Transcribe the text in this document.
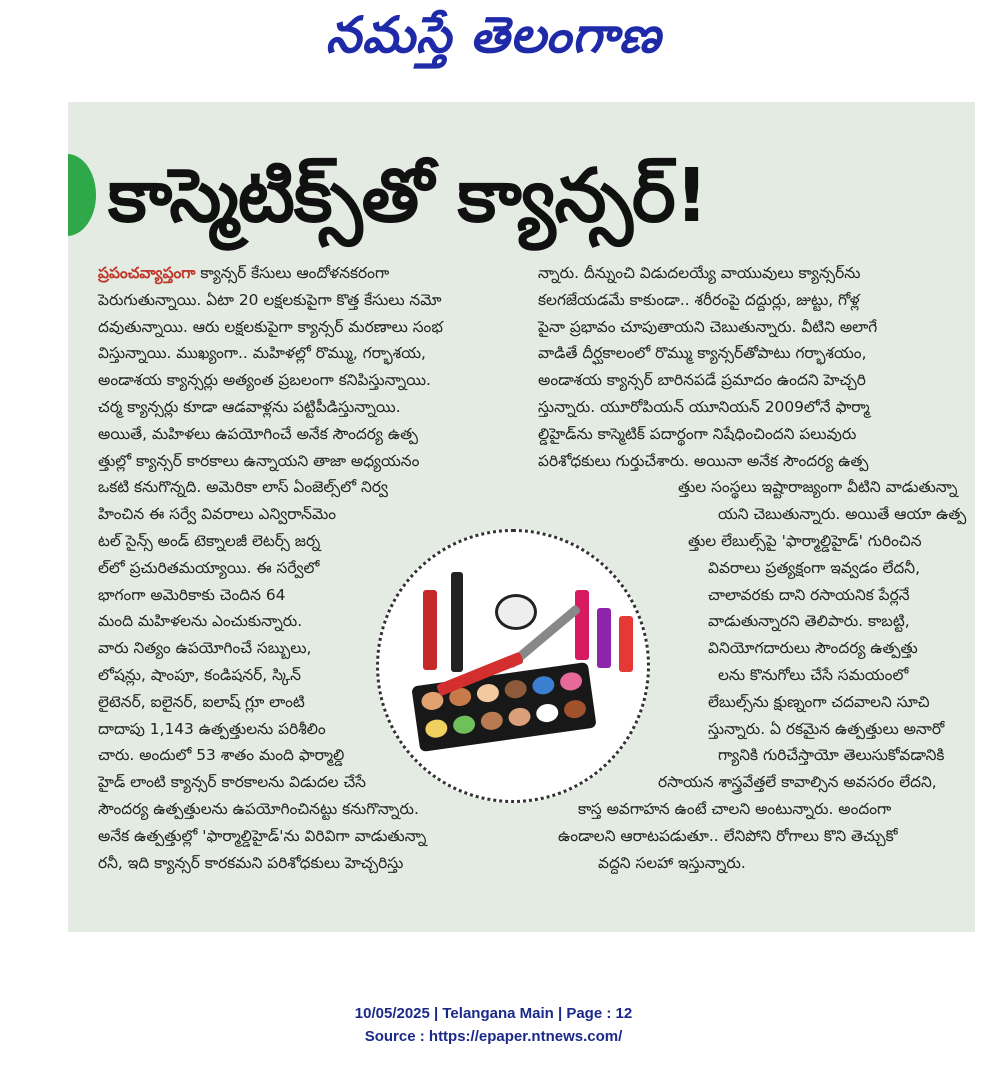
నమస్తే తెలంగాణ
కాస్మెటిక్స్‌తో క్యాన్సర్!

ప్రపంచవ్యాప్తంగా క్యాన్సర్ కేసులు ఆందోళనకరంగా

పెరుగుతున్నాయి. ఏటా 20 లక్షలకుపైగా కొత్త కేసులు నమో

దవుతున్నాయి. ఆరు లక్షలకుపైగా క్యాన్సర్ మరణాలు సంభ

విస్తున్నాయి. ముఖ్యంగా.. మహిళల్లో రొమ్ము, గర్భాశయ,

అండాశయ క్యాన్సర్లు అత్యంత ప్రబలంగా కనిపిస్తున్నాయి.

చర్మ క్యాన్సర్లు కూడా ఆడవాళ్లను పట్టిపీడిస్తున్నాయి.

అయితే, మహిళలు ఉపయోగించే అనేక సౌందర్య ఉత్ప

త్తుల్లో క్యాన్సర్ కారకాలు ఉన్నాయని తాజా అధ్యయనం

ఒకటి కనుగొన్నది. అమెరికా లాస్ ఏంజెల్స్‌లో నిర్వ

హించిన ఈ సర్వే వివరాలు ఎన్విరాన్‌మెం

టల్ సైన్స్ అండ్ టెక్నాలజీ లెటర్స్ జర్న

ల్‌లో ప్రచురితమయ్యాయి. ఈ సర్వేలో

భాగంగా అమెరికాకు చెందిన 64

మంది మహిళలను ఎంచుకున్నారు.

వారు నిత్యం ఉపయోగించే సబ్బులు,

లోషన్లు, షాంపూ, కండిషనర్, స్కిన్

లైటెనర్, ఐలైనర్, ఐలాష్ గ్లూ లాంటి

దాదాపు 1,143 ఉత్పత్తులను పరిశీలిం

చారు. అందులో 53 శాతం మంది ఫార్మాల్డి

హైడ్ లాంటి క్యాన్సర్ కారకాలను విడుదల చేసే

సౌందర్య ఉత్పత్తులను ఉపయోగించినట్టు కనుగొన్నారు.

అనేక ఉత్పత్తుల్లో 'ఫార్మాల్డిహైడ్'ను విరివిగా వాడుతున్నా

రనీ, ఇది క్యాన్సర్ కారకమని పరిశోధకులు హెచ్చరిస్తు

న్నారు. దీన్నుంచి విడుదలయ్యే వాయువులు క్యాన్సర్‌ను

కలగజేయడమే కాకుండా.. శరీరంపై దద్దుర్లు, జుట్టు, గోళ్ల

పైనా ప్రభావం చూపుతాయని చెబుతున్నారు. వీటిని అలాగే

వాడితే దీర్ఘకాలంలో రొమ్ము క్యాన్సర్‌తోపాటు గర్భాశయం,

అండాశయ క్యాన్సర్ బారినపడే ప్రమాదం ఉందని హెచ్చరి

స్తున్నారు. యూరోపియన్ యూనియన్ 2009లోనే ఫార్మా

ల్డిహైడ్‌ను కాస్మెటిక్ పదార్థంగా నిషేధించిందని పలువురు

పరిశోధకులు గుర్తుచేశారు. అయినా అనేక సౌందర్య ఉత్ప

త్తుల సంస్థలు ఇష్టారాజ్యంగా వీటిని వాడుతున్నా

యని చెబుతున్నారు. అయితే ఆయా ఉత్ప

త్తుల లేబుల్స్‌పై 'ఫార్మాల్డిహైడ్' గురించిన

వివరాలు ప్రత్యక్షంగా ఇవ్వడం లేదనీ,

చాలావరకు దాని రసాయనిక పేర్లనే

వాడుతున్నారని తెలిపారు. కాబట్టి,

వినియోగదారులు సౌందర్య ఉత్పత్తు

లను కొనుగోలు చేసే సమయంలో

లేబుల్స్‌ను క్షుణ్నంగా చదవాలని సూచి

స్తున్నారు. ఏ రకమైన ఉత్పత్తులు అనారో

గ్యానికి గురిచేస్తాయో తెలుసుకోవడానికి

రసాయన శాస్త్రవేత్తలే కావాల్సిన అవసరం లేదని,

కాస్త అవగాహన ఉంటే చాలని అంటున్నారు. అందంగా

ఉండాలని ఆరాటపడుతూ.. లేనిపోని రోగాలు కొని తెచ్చుకో

వద్దని సలహా ఇస్తున్నారు.

10/05/2025 | Telangana Main | Page : 12
Source : https://epaper.ntnews.com/
